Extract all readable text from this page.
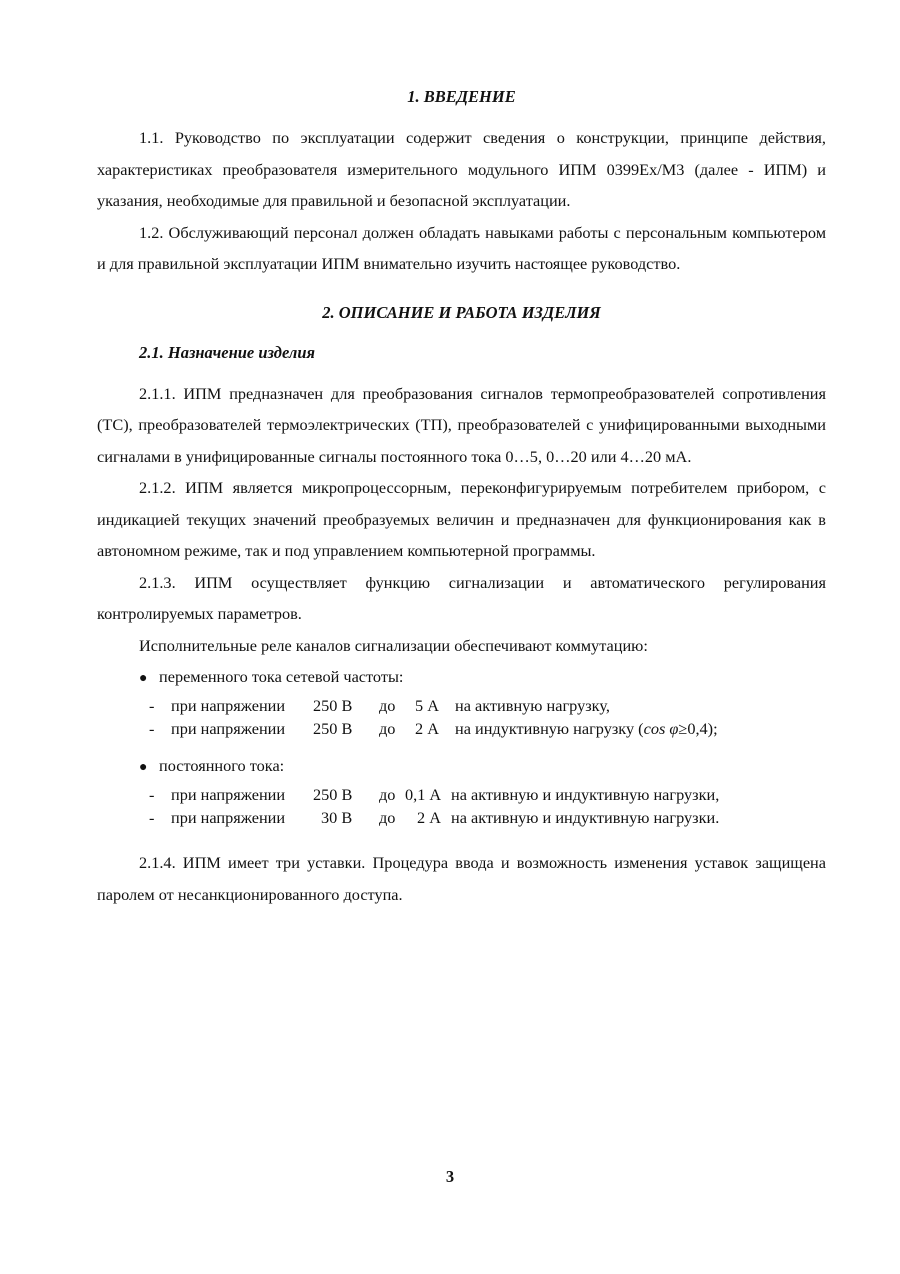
1. ВВЕДЕНИЕ

1.1. Руководство по эксплуатации содержит сведения о конструкции, принципе действия, характеристиках преобразователя измерительного модульного ИПМ 0399Ex/М3 (далее - ИПМ) и указания, необходимые для правильной и безопасной эксплуатации.

1.2. Обслуживающий персонал должен обладать навыками работы с персональным компьютером и для правильной эксплуатации ИПМ внимательно изучить настоящее руководство.

2. ОПИСАНИЕ И РАБОТА ИЗДЕЛИЯ
2.1. Назначение изделия

2.1.1. ИПМ предназначен для преобразования сигналов термопреобразователей сопротивления (ТС), преобразователей термоэлектрических (ТП), преобразователей с унифицированными выходными сигналами в унифицированные сигналы постоянного тока 0…5, 0…20 или 4…20 мА.

2.1.2. ИПМ является микропроцессорным, переконфигурируемым потребителем прибором, с индикацией текущих значений преобразуемых величин и предназначен для функционирования как в автономном режиме, так и под управлением компьютерной программы.

2.1.3. ИПМ осуществляет функцию сигнализации и автоматического регулирования контролируемых параметров.

Исполнительные реле каналов сигнализации обеспечивают коммутацию:

● переменного тока сетевой частоты:
- при напряжении 250 В до 5 А на активную нагрузку,
- при напряжении 250 В до 2 А на индуктивную нагрузку (cos φ≥0,4);
● постоянного тока:
- при напряжении 250 В до 0,1 А на активную и индуктивную нагрузки,
- при напряжении 30 В до 2 А на активную и индуктивную нагрузки.

2.1.4. ИПМ имеет три уставки. Процедура ввода и возможность изменения уставок защищена паролем от несанкционированного доступа.

3
